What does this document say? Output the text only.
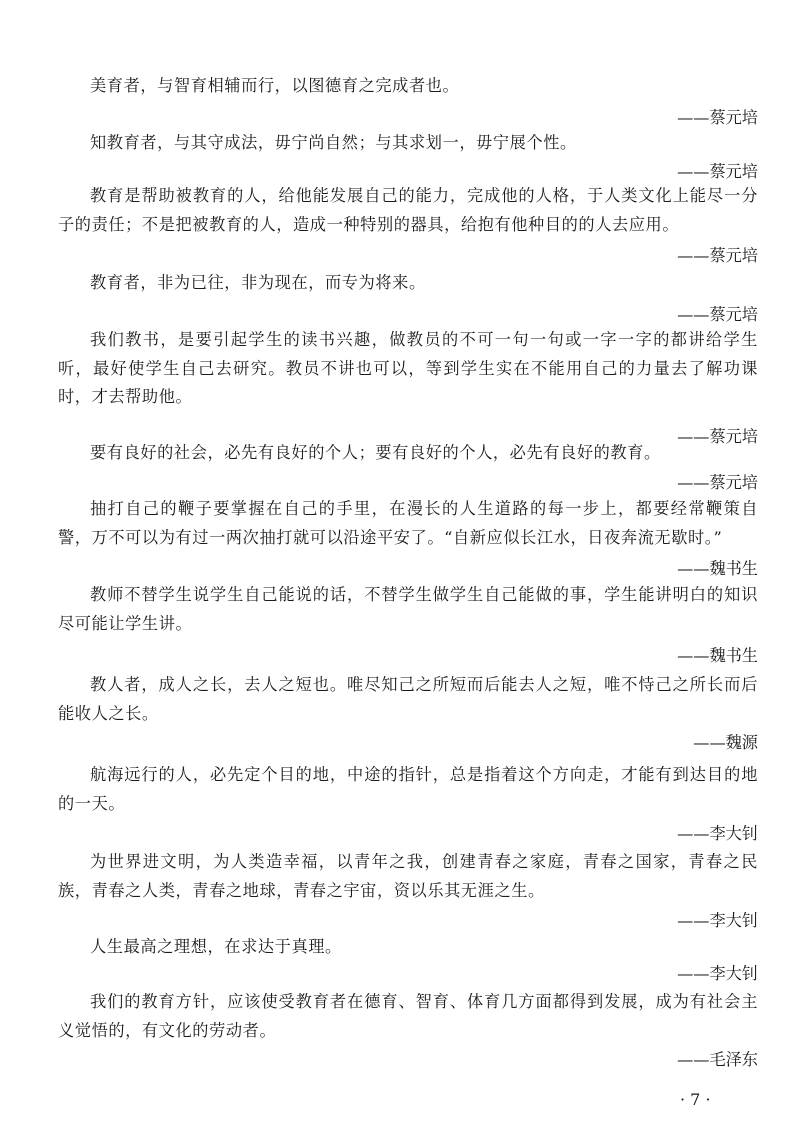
美育者，与智育相辅而行，以图德育之完成者也。

——蔡元培

知教育者，与其守成法，毋宁尚自然；与其求划一，毋宁展个性。

——蔡元培

教育是帮助被教育的人，给他能发展自己的能力，完成他的人格，于人类文化上能尽一分子的责任；不是把被教育的人，造成一种特别的器具，给抱有他种目的的人去应用。

——蔡元培

教育者，非为已往，非为现在，而专为将来。

——蔡元培

我们教书，是要引起学生的读书兴趣，做教员的不可一句一句或一字一字的都讲给学生听，最好使学生自己去研究。教员不讲也可以，等到学生实在不能用自己的力量去了解功课时，才去帮助他。

——蔡元培

要有良好的社会，必先有良好的个人；要有良好的个人，必先有良好的教育。

——蔡元培

抽打自己的鞭子要掌握在自己的手里，在漫长的人生道路的每一步上，都要经常鞭策自警，万不可以为有过一两次抽打就可以沿途平安了。“自新应似长江水，日夜奔流无歇时。”

——魏书生

教师不替学生说学生自己能说的话，不替学生做学生自己能做的事，学生能讲明白的知识尽可能让学生讲。

——魏书生

教人者，成人之长，去人之短也。唯尽知己之所短而后能去人之短，唯不恃己之所长而后能收人之长。

——魏源

航海远行的人，必先定个目的地，中途的指针，总是指着这个方向走，才能有到达目的地的一天。

——李大钊

为世界进文明，为人类造幸福，以青年之我，创建青春之家庭，青春之国家，青春之民族，青春之人类，青春之地球，青春之宇宙，资以乐其无涯之生。

——李大钊

人生最高之理想，在求达于真理。

——李大钊

我们的教育方针，应该使受教育者在德育、智育、体育几方面都得到发展，成为有社会主义觉悟的，有文化的劳动者。

——毛泽东
· 7 ·
